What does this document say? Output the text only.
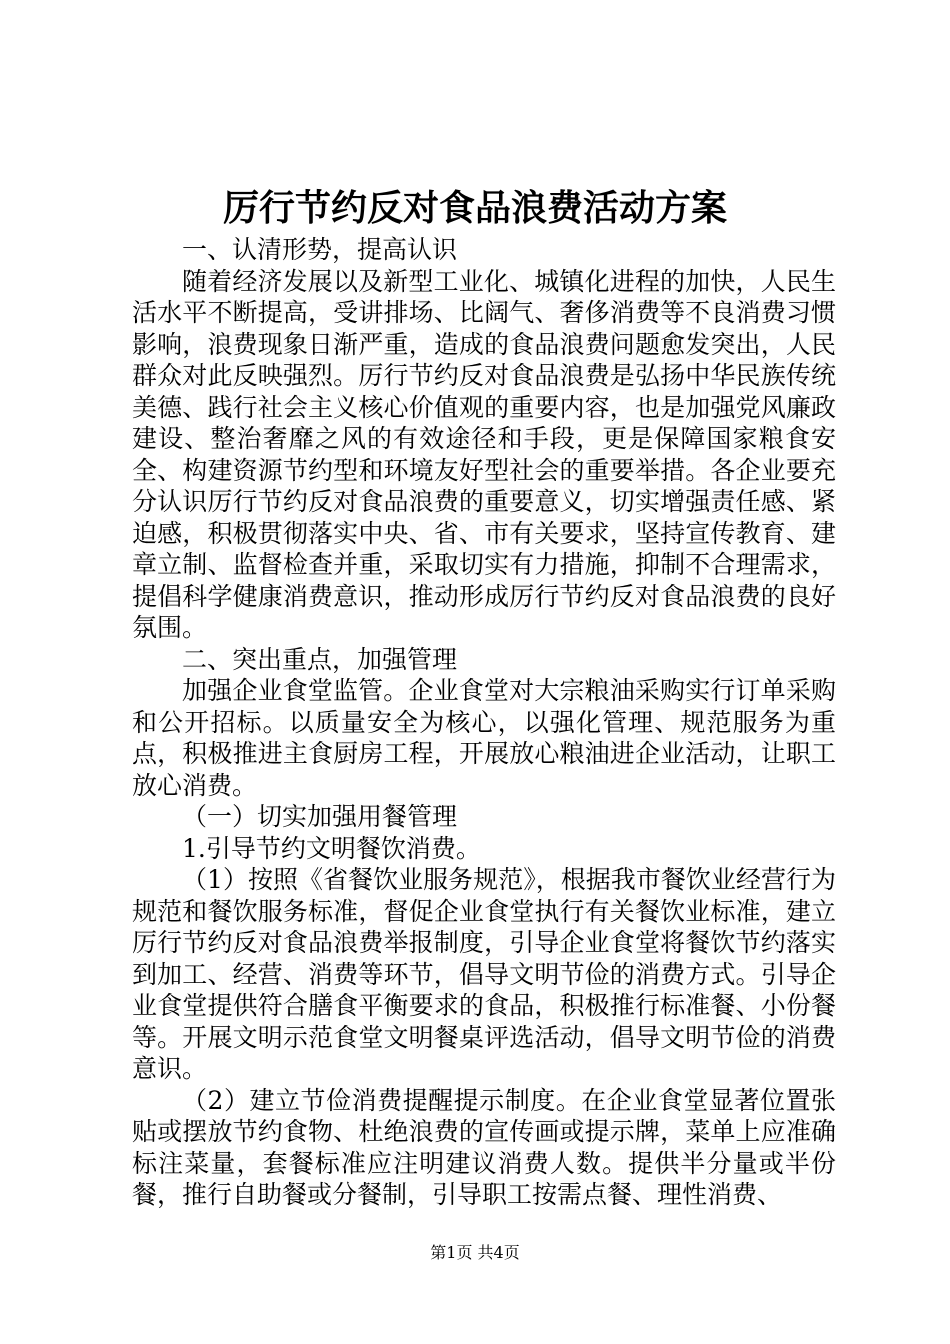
厉行节约反对食品浪费活动方案

一、认清形势，提高认识

随着经济发展以及新型工业化、城镇化进程的加快，人民生活水平不断提高，受讲排场、比阔气、奢侈消费等不良消费习惯影响，浪费现象日渐严重，造成的食品浪费问题愈发突出，人民群众对此反映强烈。厉行节约反对食品浪费是弘扬中华民族传统美德、践行社会主义核心价值观的重要内容，也是加强党风廉政建设、整治奢靡之风的有效途径和手段，更是保障国家粮食安全、构建资源节约型和环境友好型社会的重要举措。各企业要充分认识厉行节约反对食品浪费的重要意义，切实增强责任感、紧迫感，积极贯彻落实中央、省、市有关要求，坚持宣传教育、建章立制、监督检查并重，采取切实有力措施，抑制不合理需求，提倡科学健康消费意识，推动形成厉行节约反对食品浪费的良好氛围。

二、突出重点，加强管理

加强企业食堂监管。企业食堂对大宗粮油采购实行订单采购和公开招标。以质量安全为核心，以强化管理、规范服务为重点，积极推进主食厨房工程，开展放心粮油进企业活动，让职工放心消费。

（一）切实加强用餐管理

1.引导节约文明餐饮消费。

（1）按照《省餐饮业服务规范》，根据我市餐饮业经营行为规范和餐饮服务标准，督促企业食堂执行有关餐饮业标准，建立厉行节约反对食品浪费举报制度，引导企业食堂将餐饮节约落实到加工、经营、消费等环节，倡导文明节俭的消费方式。引导企业食堂提供符合膳食平衡要求的食品，积极推行标准餐、小份餐等。开展文明示范食堂文明餐桌评选活动，倡导文明节俭的消费意识。

（2）建立节俭消费提醒提示制度。在企业食堂显著位置张贴或摆放节约食物、杜绝浪费的宣传画或提示牌，菜单上应准确标注菜量，套餐标准应注明建议消费人数。提供半分量或半份餐，推行自助餐或分餐制，引导职工按需点餐、理性消费、

第1页 共4页
